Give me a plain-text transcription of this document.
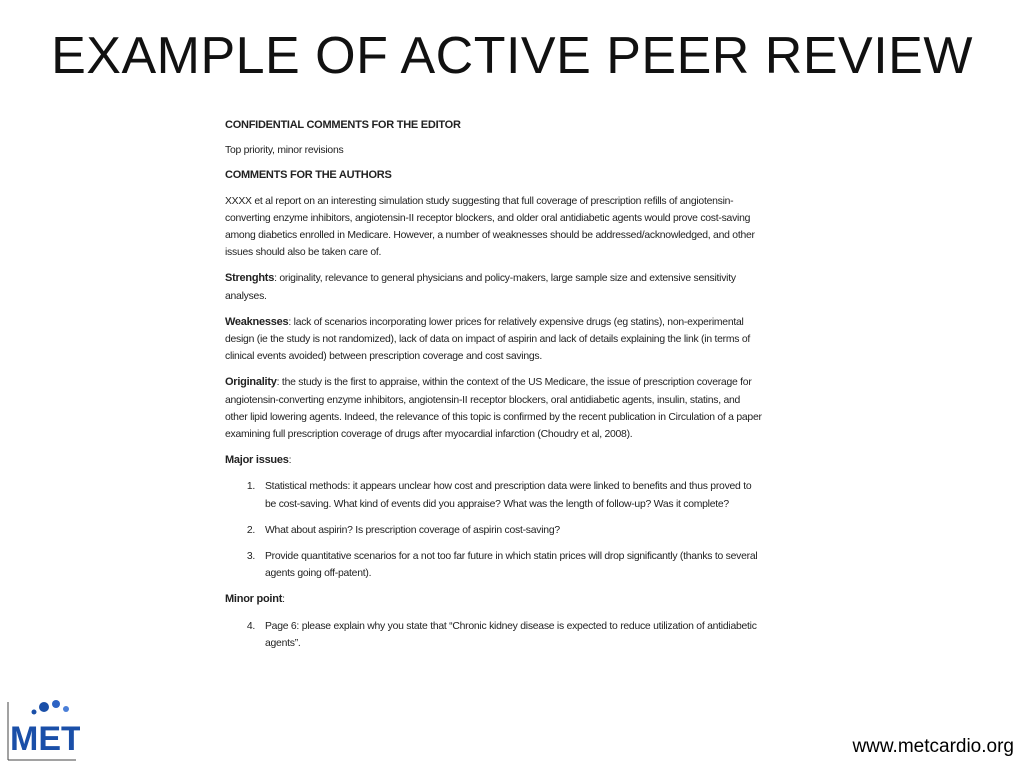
EXAMPLE OF ACTIVE PEER REVIEW

CONFIDENTIAL COMMENTS FOR THE EDITOR

Top priority, minor revisions

COMMENTS FOR THE AUTHORS

XXXX et al report on an interesting simulation study suggesting that full coverage of prescription refills of angiotensin-converting enzyme inhibitors, angiotensin-II receptor blockers, and older oral antidiabetic agents would prove cost-saving among diabetics enrolled in Medicare. However, a number of weaknesses should be addressed/acknowledged, and other issues should also be taken care of.

Strenghts: originality, relevance to general physicians and policy-makers, large sample size and extensive sensitivity analyses.

Weaknesses: lack of scenarios incorporating lower prices for relatively expensive drugs (eg statins), non-experimental design (ie the study is not randomized), lack of data on impact of aspirin and lack of details explaining the link (in terms of clinical events avoided) between prescription coverage and cost savings.

Originality: the study is the first to appraise, within the context of the US Medicare, the issue of prescription coverage for angiotensin-converting enzyme inhibitors, angiotensin-II receptor blockers, oral antidiabetic agents, insulin, statins, and other lipid lowering agents. Indeed, the relevance of this topic is confirmed by the recent publication in Circulation of a paper examining full prescription coverage of drugs after myocardial infarction (Choudry et al, 2008).

Major issues:

1. Statistical methods: it appears unclear how cost and prescription data were linked to benefits and thus proved to be cost-saving. What kind of events did you appraise? What was the length of follow-up? Was it complete?
2. What about aspirin? Is prescription coverage of aspirin cost-saving?
3. Provide quantitative scenarios for a not too far future in which statin prices will drop significantly (thanks to several agents going off-patent).

Minor point:

4. Page 6: please explain why you state that “Chronic kidney disease is expected to reduce utilization of antidiabetic agents”.
MET	www.metcardio.org
